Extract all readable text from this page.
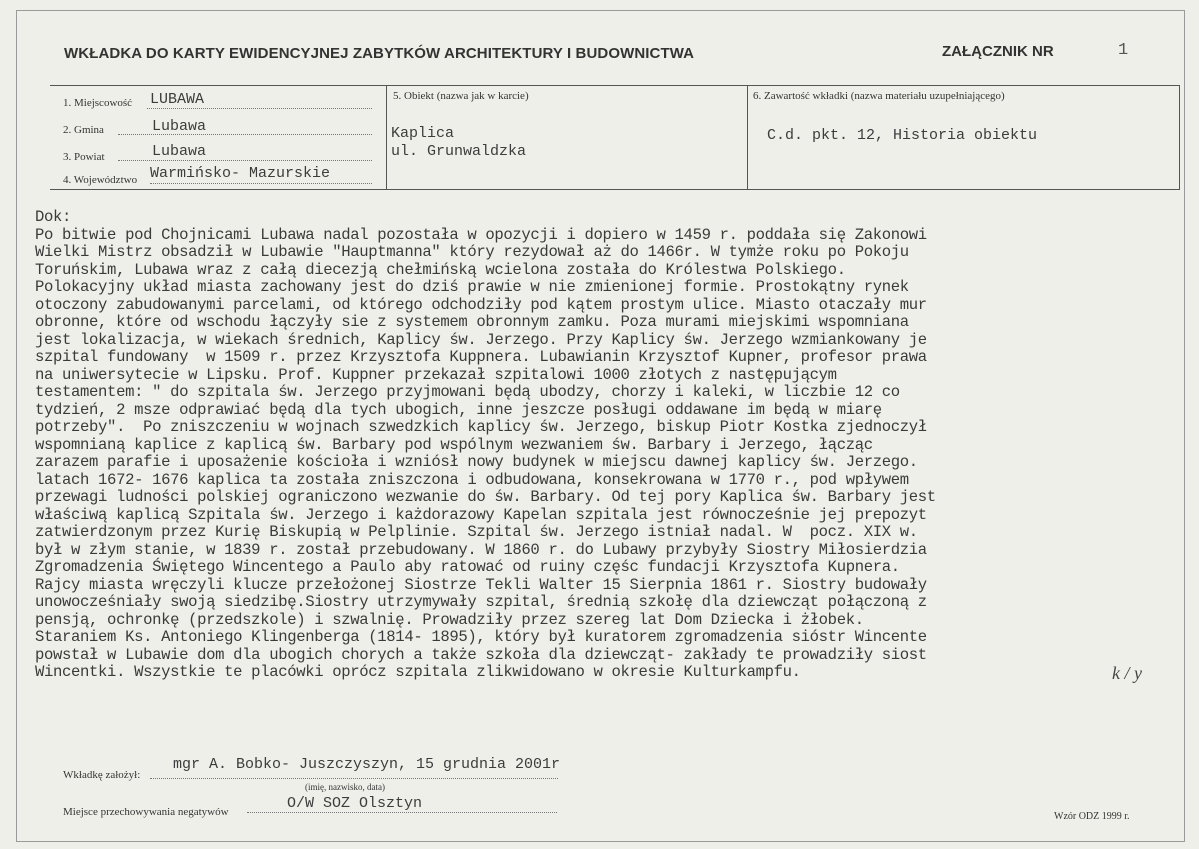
WKŁADKA DO KARTY EWIDENCYJNEJ ZABYTKÓW ARCHITEKTURY I BUDOWNICTWA	ZAŁĄCZNIK NR	1
1. Miejscowość LUBAWA
2. Gmina	Lubawa
3. Powiat	Lubawa
4. Województwo Warmińsko- Mazurskie
5. Obiekt (nazwa jak w karcie)
Kaplica
ul. Grunwaldzka
6. Zawartość wkładki (nazwa materiału uzupełniającego)
C.d. pkt. 12, Historia obiektu
Dok:
Po bitwie pod Chojnicami Lubawa nadal pozostała w opozycji i dopiero w 1459 r. poddała się Zakonowi
Wielki Mistrz obsadził w Lubawie "Hauptmanna" który rezydował aż do 1466r. W tymże roku po Pokoju
Toruńskim, Lubawa wraz z całą diecezją chełmińską wcielona została do Królestwa Polskiego.
Polokacyjny układ miasta zachowany jest do dziś prawie w nie zmienionej formie. Prostokątny rynek
otoczony zabudowanymi parcelami, od którego odchodziły pod kątem prostym ulice. Miasto otaczały mur
obronne, które od wschodu łączyły sie z systemem obronnym zamku. Poza murami miejskimi wspomniana
jest lokalizacja, w wiekach średnich, Kaplicy św. Jerzego. Przy Kaplicy św. Jerzego wzmiankowany je
szpital fundowany  w 1509 r. przez Krzysztofa Kuppnera. Lubawianin Krzysztof Kupner, profesor prawa
na uniwersytecie w Lipsku. Prof. Kuppner przekazał szpitalowi 1000 złotych z następującym
testamentem: " do szpitala św. Jerzego przyjmowani będą ubodzy, chorzy i kaleki, w liczbie 12 co
tydzień, 2 msze odprawiać będą dla tych ubogich, inne jeszcze posługi oddawane im będą w miarę
potrzeby".  Po zniszczeniu w wojnach szwedzkich kaplicy św. Jerzego, biskup Piotr Kostka zjednoczył
wspomnianą kaplice z kaplicą św. Barbary pod wspólnym wezwaniem św. Barbary i Jerzego, łącząc
zarazem parafie i uposażenie kościoła i wzniósł nowy budynek w miejscu dawnej kaplicy św. Jerzego.
latach 1672- 1676 kaplica ta została zniszczona i odbudowana, konsekrowana w 1770 r., pod wpływem
przewagi ludności polskiej ograniczono wezwanie do św. Barbary. Od tej pory Kaplica św. Barbary jest
właściwą kaplicą Szpitala św. Jerzego i każdorazowy Kapelan szpitala jest równocześnie jej prepozyt
zatwierdzonym przez Kurię Biskupią w Pelplinie. Szpital św. Jerzego istniał nadal. W  pocz. XIX w.
był w złym stanie, w 1839 r. został przebudowany. W 1860 r. do Lubawy przybyły Siostry Miłosierdzia
Zgromadzenia Świętego Wincentego a Paulo aby ratować od ruiny częśc fundacji Krzysztofa Kupnera.
Rajcy miasta wręczyli klucze przełożonej Siostrze Tekli Walter 15 Sierpnia 1861 r. Siostry budowały
unowocześniały swoją siedzibę.Siostry utrzymywały szpital, średnią szkołę dla dziewcząt połączoną z
pensją, ochronkę (przedszkole) i szwalnię. Prowadziły przez szereg lat Dom Dziecka i żłobek.
Staraniem Ks. Antoniego Klingenberga (1814- 1895), który był kuratorem zgromadzenia sióstr Wincente
powstał w Lubawie dom dla ubogich chorych a także szkoła dla dziewcząt- zakłady te prowadziły siost
Wincentki. Wszystkie te placówki oprócz szpitala zlikwidowano w okresie Kulturkampfu.	k / y
Wkładkę założył:
mgr A. Bobko- Juszczyszyn, 15 grudnia 2001r
(imię, nazwisko, data)
Miejsce przechowywania negatywów	O/W SOZ Olsztyn
Wzór ODZ 1999 r.
